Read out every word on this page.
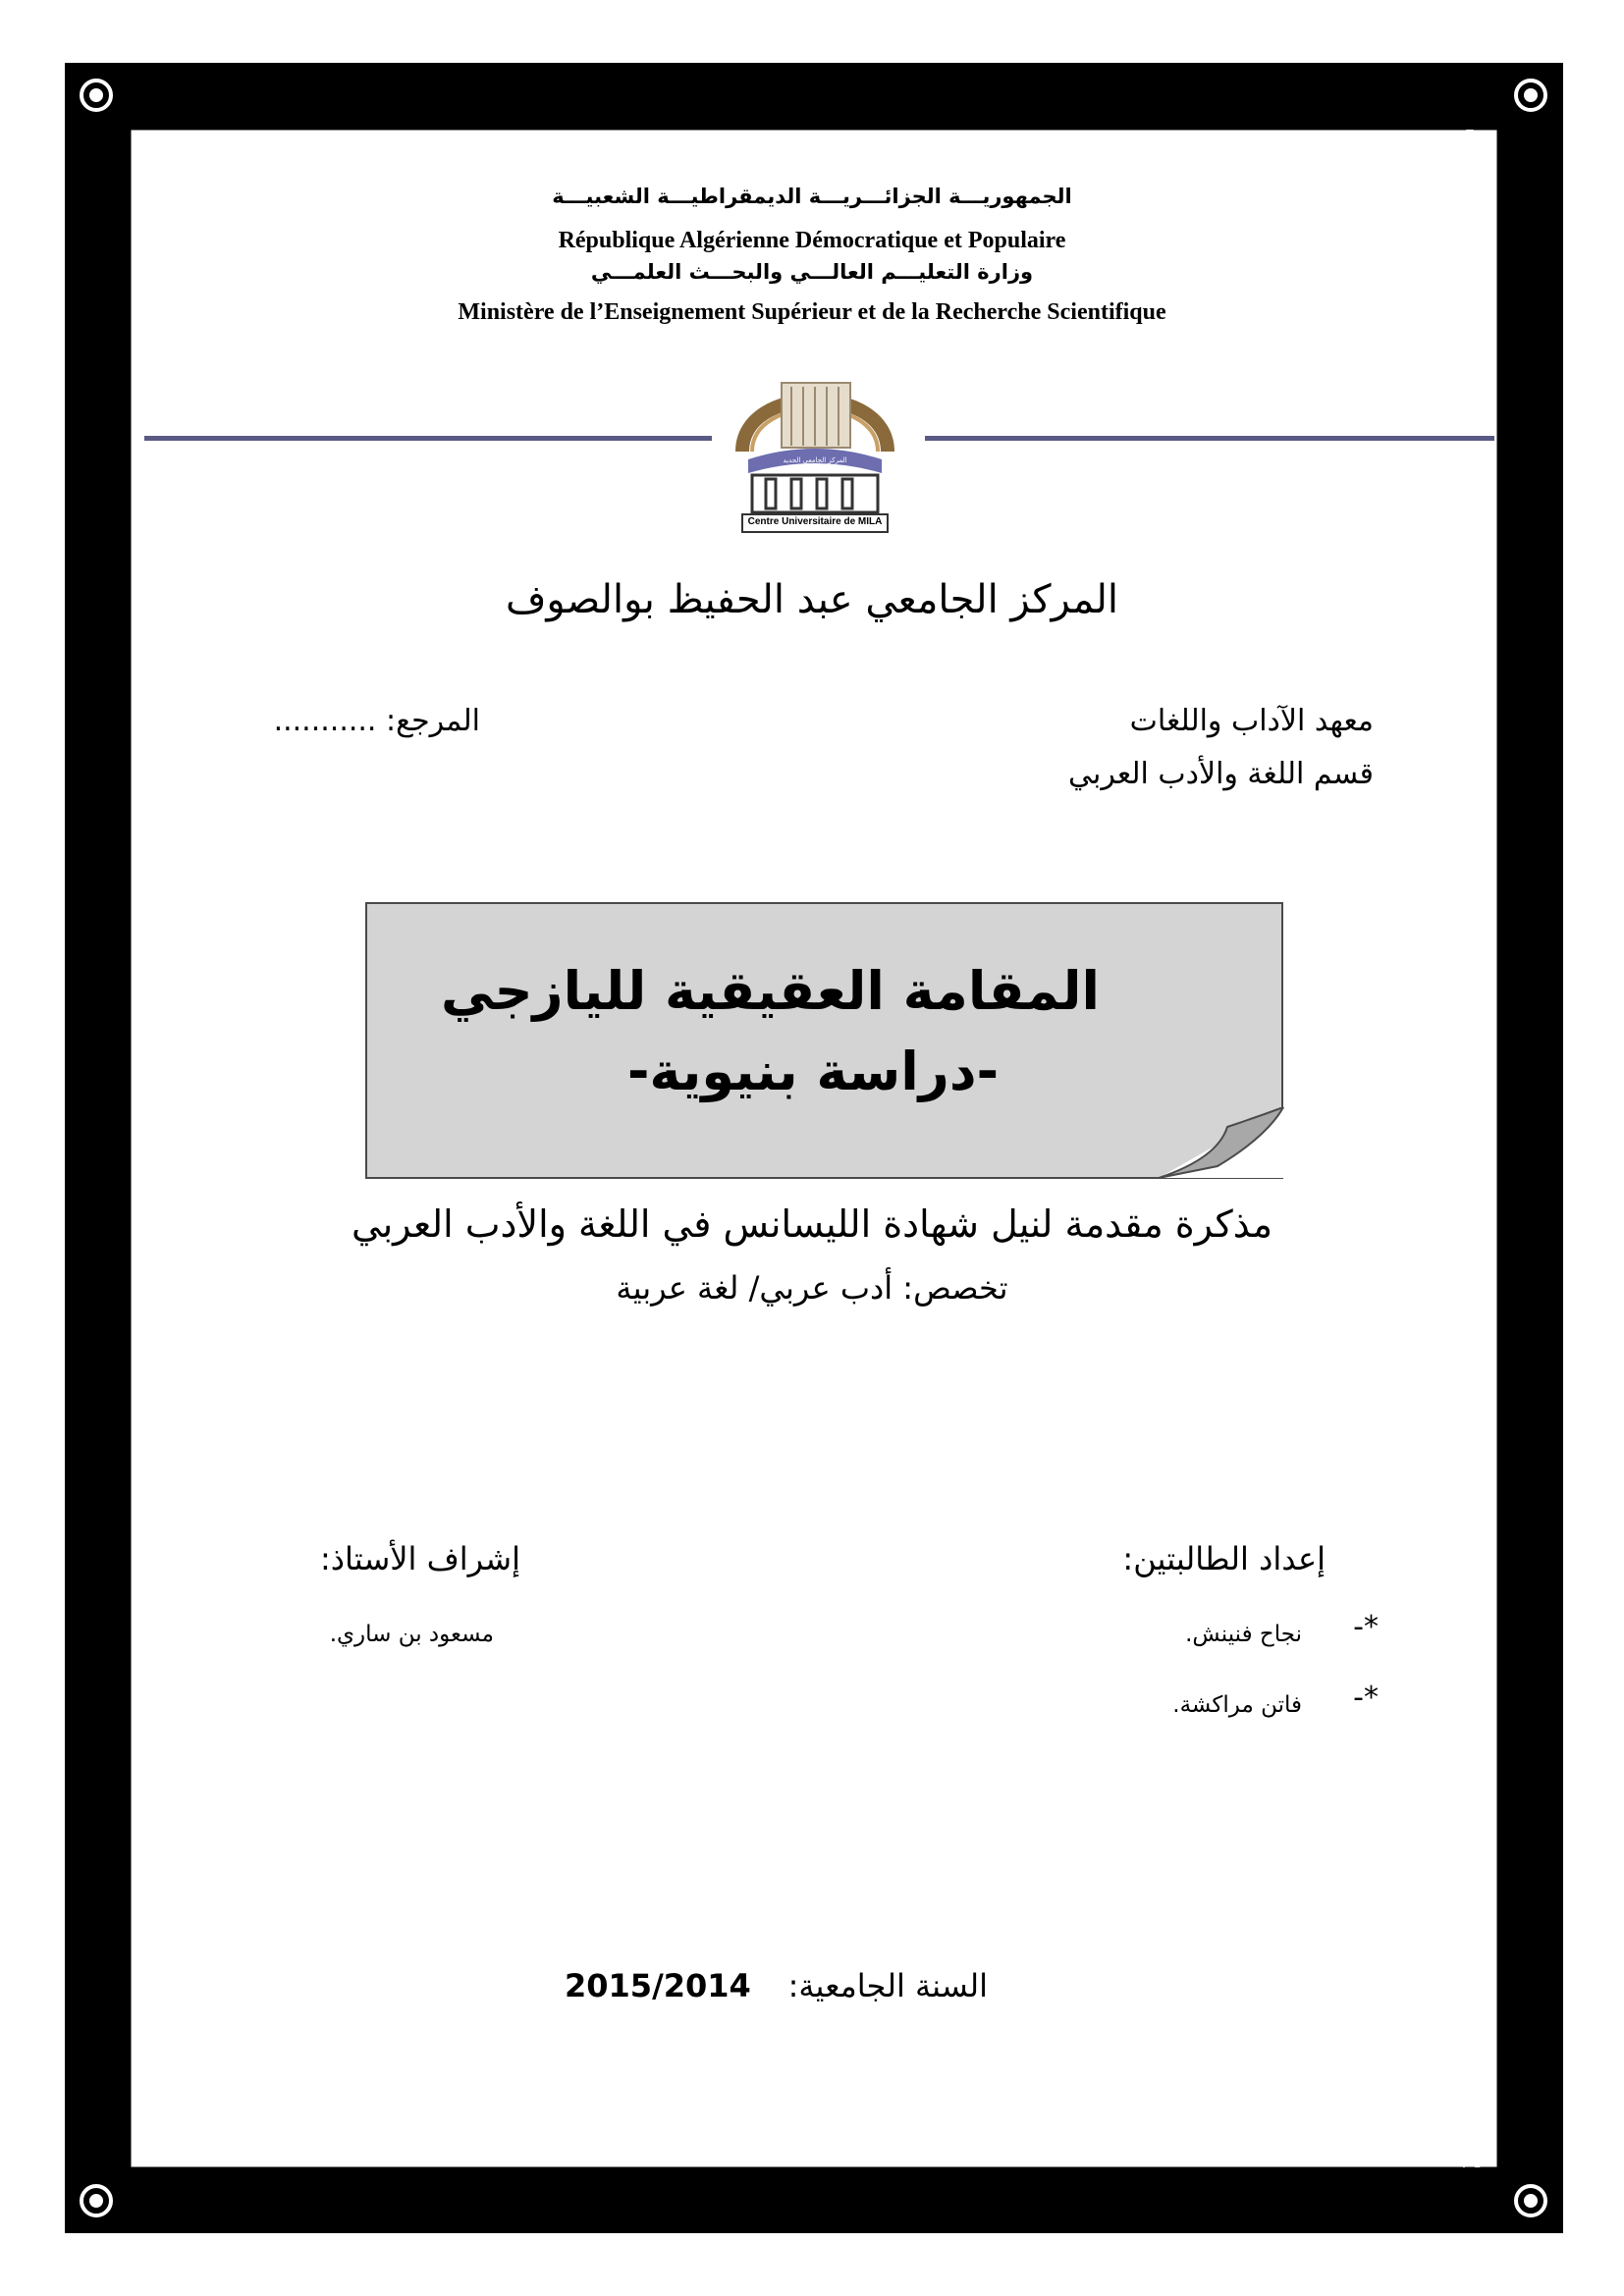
الجمهوريـــة الجزائـــريـــة الديمقراطيـــة الشعبيـــة
République Algérienne Démocratique et Populaire
وزارة التعليـــم العالـــي والبحـــث العلمـــي
Ministère de l’Enseignement Supérieur et de la Recherche Scientifique
Centre Universitaire de MILA
المركز الجامعي الجديد
المركز الجامعي عبد الحفيظ بوالصوف
معهد الآداب واللغات
قسم اللغة والأدب العربي
المرجع: ...........
المقامة العقيقية لليازجي
-دراسة بنيوية-
مذكرة مقدمة لنيل شهادة الليسانس في اللغة والأدب العربي
تخصص: أدب عربي/ لغة عربية
إعداد الطالبتين:
*-
نجاح فنينش.
*-
فاتن مراكشة.
إشراف الأستاذ:
مسعود بن ساري.
2015/2014 السنة الجامعية:
